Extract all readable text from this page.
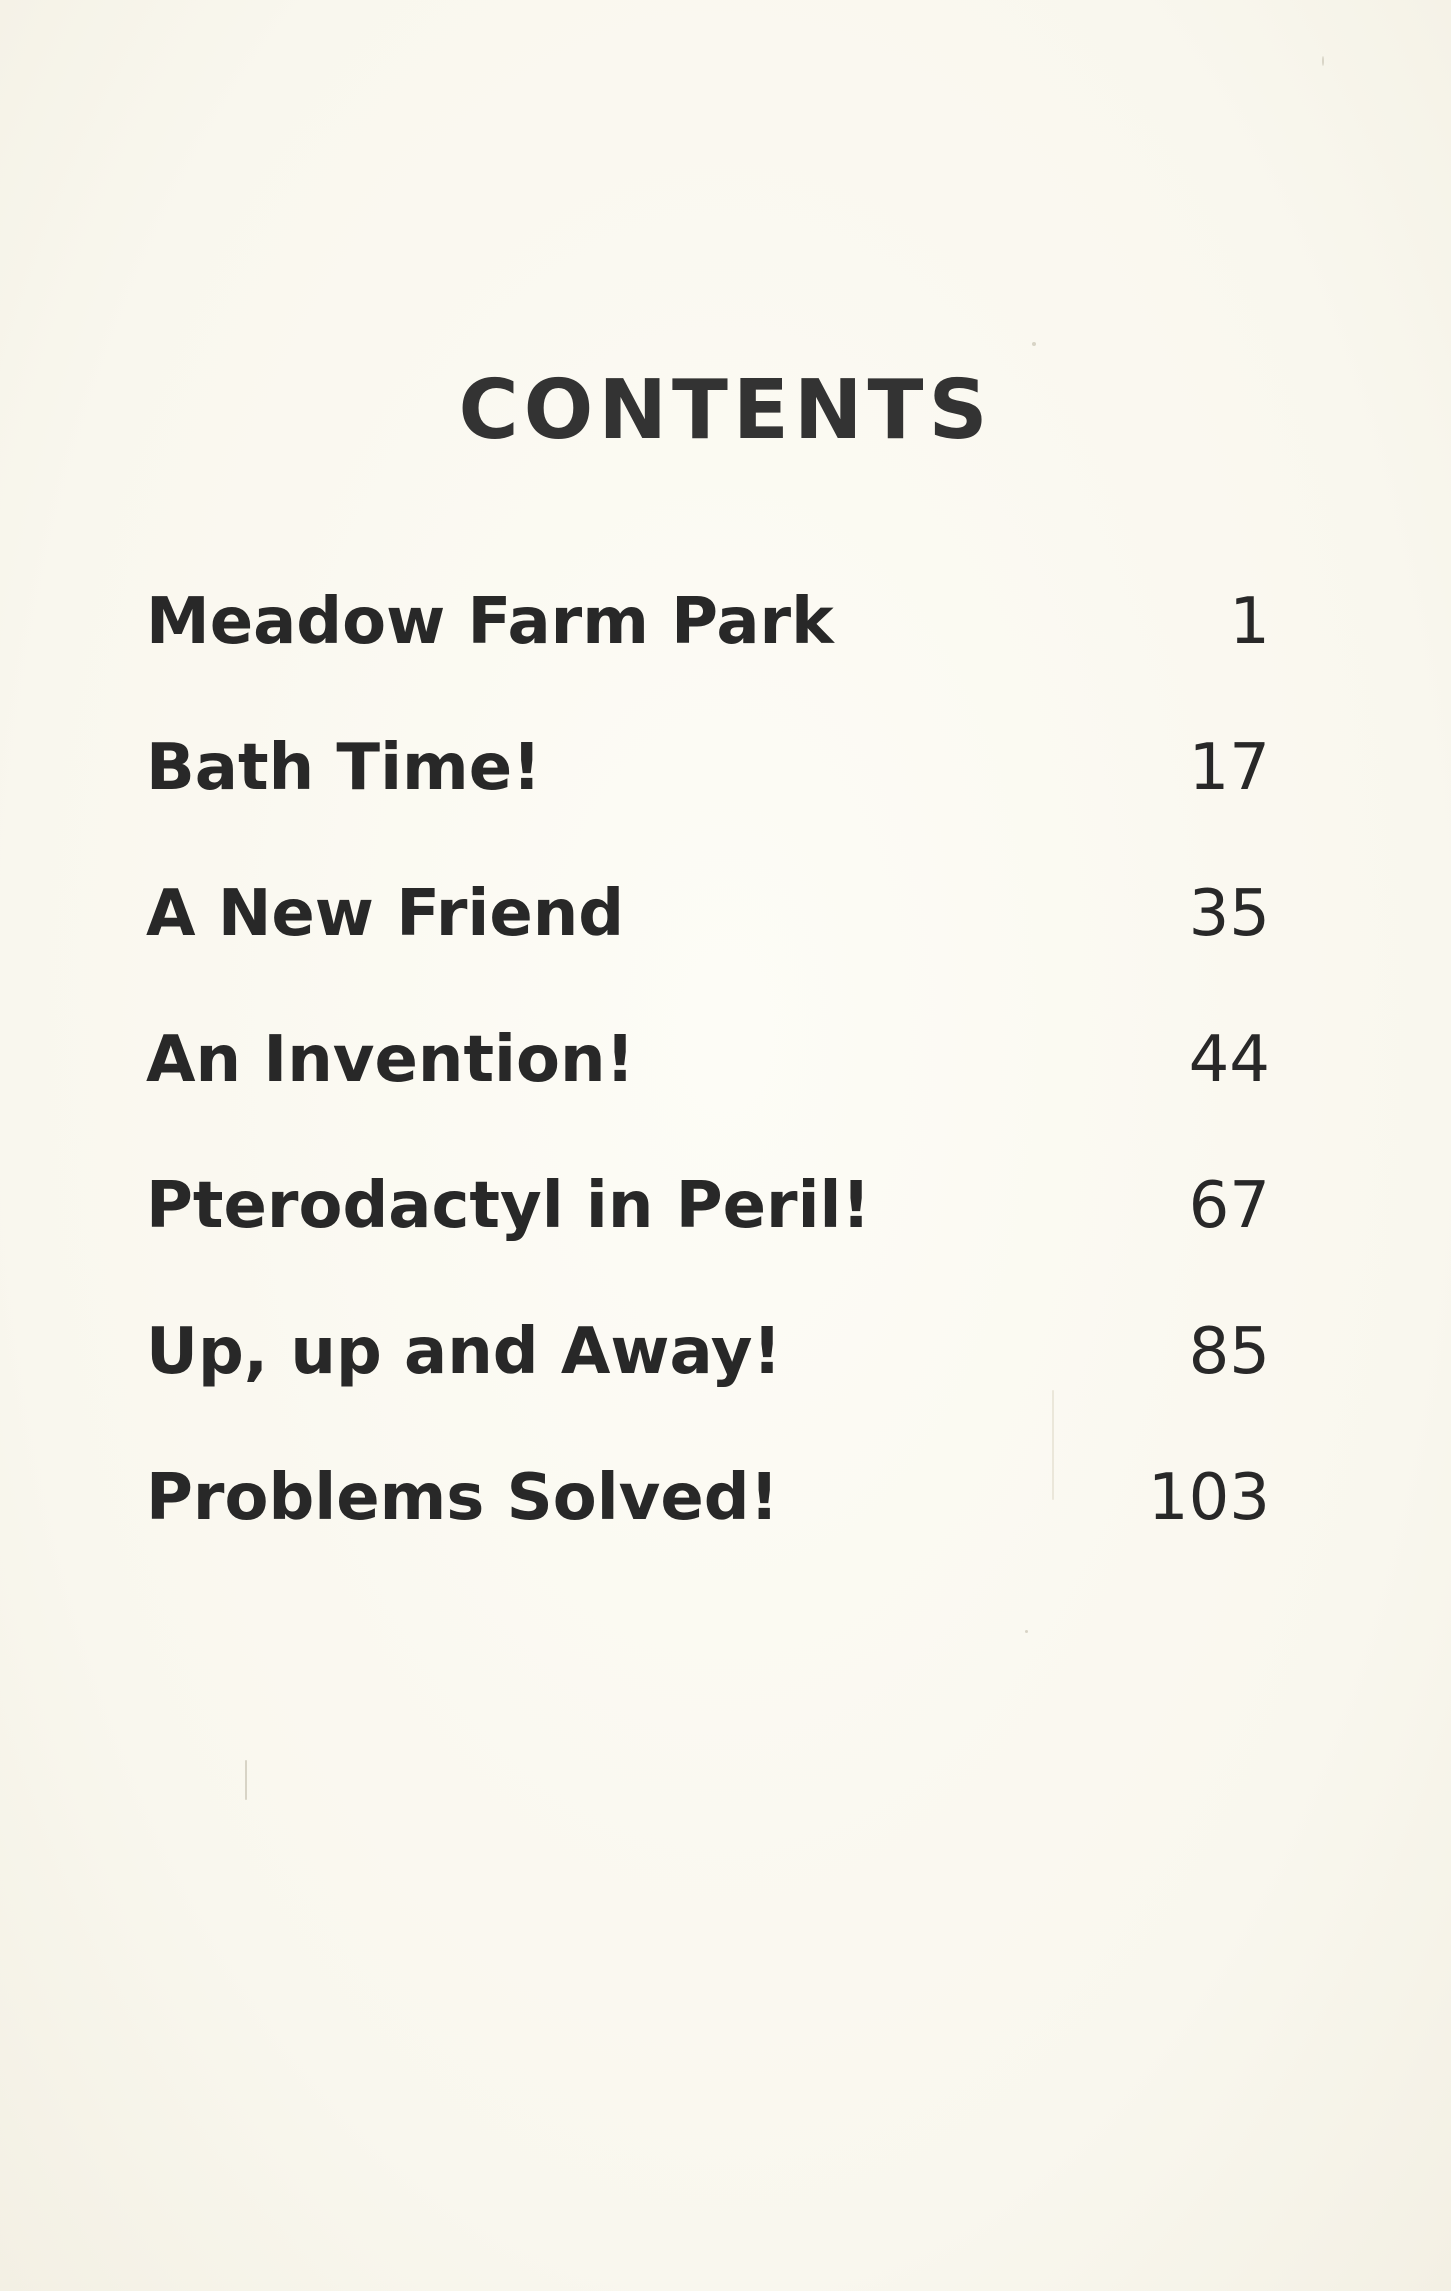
CONTENTS
Meadow Farm Park	1
Bath Time!	17
A New Friend	35
An Invention!	44
Pterodactyl in Peril!	67
Up, up and Away!	85
Problems Solved!	103
